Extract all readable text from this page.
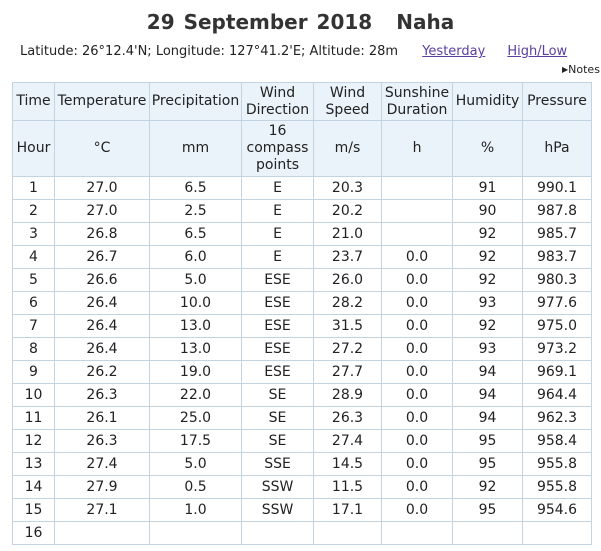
29 September 2018 Naha
Latitude: 26°12.4'N; Longitude: 127°41.2'E; Altitude: 28m Yesterday High/Low
▶Notes
Time	Temperature	Precipitation	Wind Direction	Wind Speed	Sunshine Duration	Humidity	Pressure
Hour	°C	mm	16 compass points	m/s	h	%	hPa
1	27.0	6.5	E	20.3		91	990.1
2	27.0	2.5	E	20.2		90	987.8
3	26.8	6.5	E	21.0		92	985.7
4	26.7	6.0	E	23.7	0.0	92	983.7
5	26.6	5.0	ESE	26.0	0.0	92	980.3
6	26.4	10.0	ESE	28.2	0.0	93	977.6
7	26.4	13.0	ESE	31.5	0.0	92	975.0
8	26.4	13.0	ESE	27.2	0.0	93	973.2
9	26.2	19.0	ESE	27.7	0.0	94	969.1
10	26.3	22.0	SE	28.9	0.0	94	964.4
11	26.1	25.0	SE	26.3	0.0	94	962.3
12	26.3	17.5	SE	27.4	0.0	95	958.4
13	27.4	5.0	SSE	14.5	0.0	95	955.8
14	27.9	0.5	SSW	11.5	0.0	92	955.8
15	27.1	1.0	SSW	17.1	0.0	95	954.6
16							
